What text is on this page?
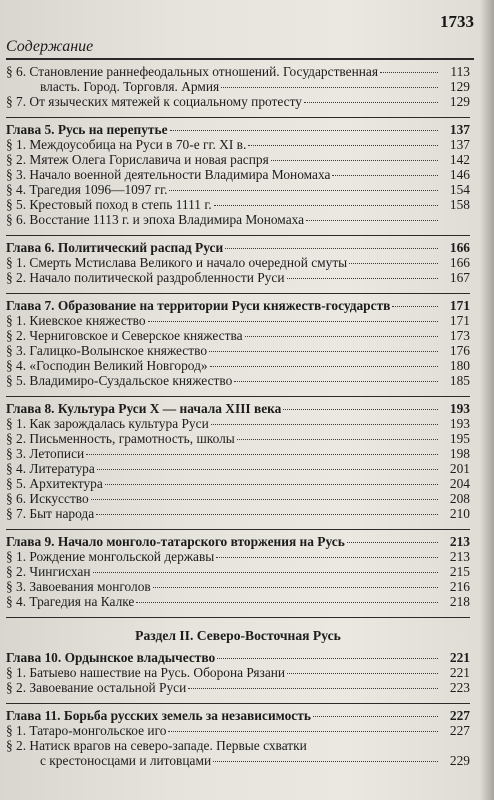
1733
Содержание
§ 6. Становление раннефеодальных отношений. Государственная	113
власть. Город. Торговля. Армия	129
§ 7. От языческих мятежей к социальному протесту	129
Глава 5. Русь на перепутье	137
§ 1. Междоусобица на Руси в 70-е гг. XI в.	137
§ 2. Мятеж Олега Гориславича и новая распря	142
§ 3. Начало военной деятельности Владимира Мономаха	146
§ 4. Трагедия 1096—1097 гг.	154
§ 5. Крестовый поход в степь 1111 г.	158
§ 6. Восстание 1113 г. и эпоха Владимира Мономаха
Глава 6. Политический распад Руси	166
§ 1. Смерть Мстислава Великого и начало очередной смуты	166
§ 2. Начало политической раздробленности Руси	167
Глава 7. Образование на территории Руси княжеств-государств	171
§ 1. Киевское княжество	171
§ 2. Черниговское и Северское княжества	173
§ 3. Галицко-Волынское княжество	176
§ 4. «Господин Великий Новгород»	180
§ 5. Владимиро-Суздальское княжество	185
Глава 8. Культура Руси X — начала XIII века	193
§ 1. Как зарождалась культура Руси	193
§ 2. Письменность, грамотность, школы	195
§ 3. Летописи	198
§ 4. Литература	201
§ 5. Архитектура	204
§ 6. Искусство	208
§ 7. Быт народа	210
Глава 9. Начало монголо-татарского вторжения на Русь	213
§ 1. Рождение монгольской державы	213
§ 2. Чингисхан	215
§ 3. Завоевания монголов	216
§ 4. Трагедия на Калке	218
Раздел II. Северо-Восточная Русь
Глава 10. Ордынское владычество	221
§ 1. Батыево нашествие на Русь. Оборона Рязани	221
§ 2. Завоевание остальной Руси	223
Глава 11. Борьба русских земель за независимость	227
§ 1. Татаро-монгольское иго	227
§ 2. Натиск врагов на северо-западе. Первые схватки
с крестоносцами и литовцами	229
